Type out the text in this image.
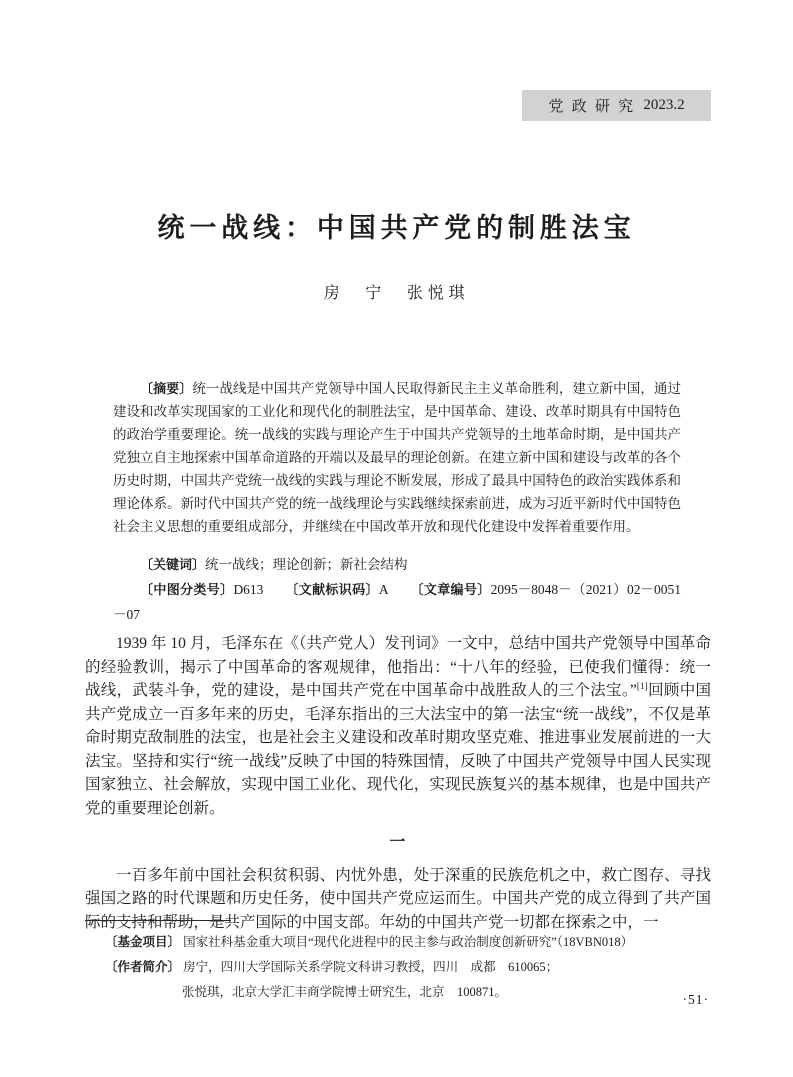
党政研究 2023.2
统一战线：中国共产党的制胜法宝
房　宁　张悦琪

〔摘要〕统一战线是中国共产党领导中国人民取得新民主主义革命胜利，建立新中国，通过建设和改革实现国家的工业化和现代化的制胜法宝，是中国革命、建设、改革时期具有中国特色的政治学重要理论。统一战线的实践与理论产生于中国共产党领导的土地革命时期，是中国共产党独立自主地探索中国革命道路的开端以及最早的理论创新。在建立新中国和建设与改革的各个历史时期，中国共产党统一战线的实践与理论不断发展，形成了最具中国特色的政治实践体系和理论体系。新时代中国共产党的统一战线理论与实践继续探索前进，成为习近平新时代中国特色社会主义思想的重要组成部分，并继续在中国改革开放和现代化建设中发挥着重要作用。

〔关键词〕统一战线；理论创新；新社会结构

〔中图分类号〕D613 〔文献标识码〕A 〔文章编号〕2095－8048－（2021）02－0051－07

1939 年 10 月，毛泽东在《（共产党人）发刊词》一文中，总结中国共产党领导中国革命的经验教训，揭示了中国革命的客观规律，他指出：“十八年的经验，已使我们懂得：统一战线，武装斗争，党的建设，是中国共产党在中国革命中战胜敌人的三个法宝。”[1]回顾中国共产党成立一百多年来的历史，毛泽东指出的三大法宝中的第一法宝“统一战线”，不仅是革命时期克敌制胜的法宝，也是社会主义建设和改革时期攻坚克难、推进事业发展前进的一大法宝。坚持和实行“统一战线”反映了中国的特殊国情，反映了中国共产党领导中国人民实现国家独立、社会解放，实现中国工业化、现代化，实现民族复兴的基本规律，也是中国共产党的重要理论创新。

一

一百多年前中国社会积贫积弱、内忧外患，处于深重的民族危机之中，救亡图存、寻找强国之路的时代课题和历史任务，使中国共产党应运而生。中国共产党的成立得到了共产国际的支持和帮助，是共产国际的中国支部。年幼的中国共产党一切都在探索之中，一

〔基金项目〕 国家社科基金重大项目“现代化进程中的民主参与政治制度创新研究”（18VBN018）

〔作者简介〕 房宁，四川大学国际关系学院文科讲习教授，四川　成都　610065；

张悦琪，北京大学汇丰商学院博士研究生，北京　100871。	·51·
